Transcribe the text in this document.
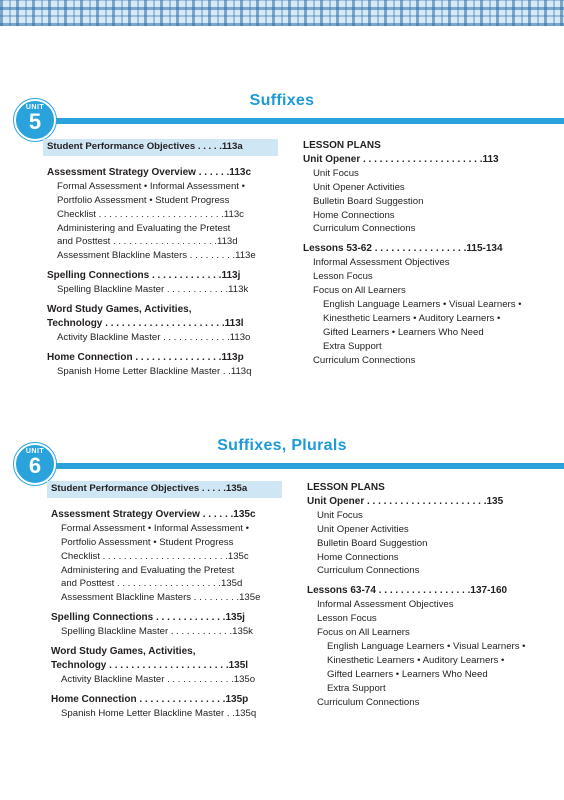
Suffixes
UNIT
5
Student Performance Objectives . . . . .113a
Assessment Strategy Overview . . . . . .113c
Formal Assessment • Informal Assessment •
Portfolio Assessment • Student Progress
Checklist . . . . . . . . . . . . . . . . . . . . . . . .113c
Administering and Evaluating the Pretest
and Posttest . . . . . . . . . . . . . . . . . . . .113d
Assessment Blackline Masters . . . . . . . . .113e
Spelling Connections . . . . . . . . . . . . .113j
Spelling Blackline Master . . . . . . . . . . . .113k
Word Study Games, Activities,
Technology . . . . . . . . . . . . . . . . . . . . . .113l
Activity Blackline Master . . . . . . . . . . . . .113o
Home Connection . . . . . . . . . . . . . . . .113p
Spanish Home Letter Blackline Master . .113q
LESSON PLANS
Unit Opener . . . . . . . . . . . . . . . . . . . . . .113
Unit Focus
Unit Opener Activities
Bulletin Board Suggestion
Home Connections
Curriculum Connections
Lessons 53-62 . . . . . . . . . . . . . . . . .115-134
Informal Assessment Objectives
Lesson Focus
Focus on All Learners
English Language Learners • Visual Learners •
Kinesthetic Learners • Auditory Learners •
Gifted Learners • Learners Who Need
Extra Support
Curriculum Connections
Suffixes, Plurals
UNIT
6
Student Performance Objectives . . . . .135a
Assessment Strategy Overview . . . . . .135c
Formal Assessment • Informal Assessment •
Portfolio Assessment • Student Progress
Checklist . . . . . . . . . . . . . . . . . . . . . . . .135c
Administering and Evaluating the Pretest
and Posttest . . . . . . . . . . . . . . . . . . . .135d
Assessment Blackline Masters . . . . . . . . .135e
Spelling Connections . . . . . . . . . . . . .135j
Spelling Blackline Master . . . . . . . . . . . .135k
Word Study Games, Activities,
Technology . . . . . . . . . . . . . . . . . . . . . .135l
Activity Blackline Master . . . . . . . . . . . . .135o
Home Connection . . . . . . . . . . . . . . . .135p
Spanish Home Letter Blackline Master . .135q
LESSON PLANS
Unit Opener . . . . . . . . . . . . . . . . . . . . . .135
Unit Focus
Unit Opener Activities
Bulletin Board Suggestion
Home Connections
Curriculum Connections
Lessons 63-74 . . . . . . . . . . . . . . . . .137-160
Informal Assessment Objectives
Lesson Focus
Focus on All Learners
English Language Learners • Visual Learners •
Kinesthetic Learners • Auditory Learners •
Gifted Learners • Learners Who Need
Extra Support
Curriculum Connections
